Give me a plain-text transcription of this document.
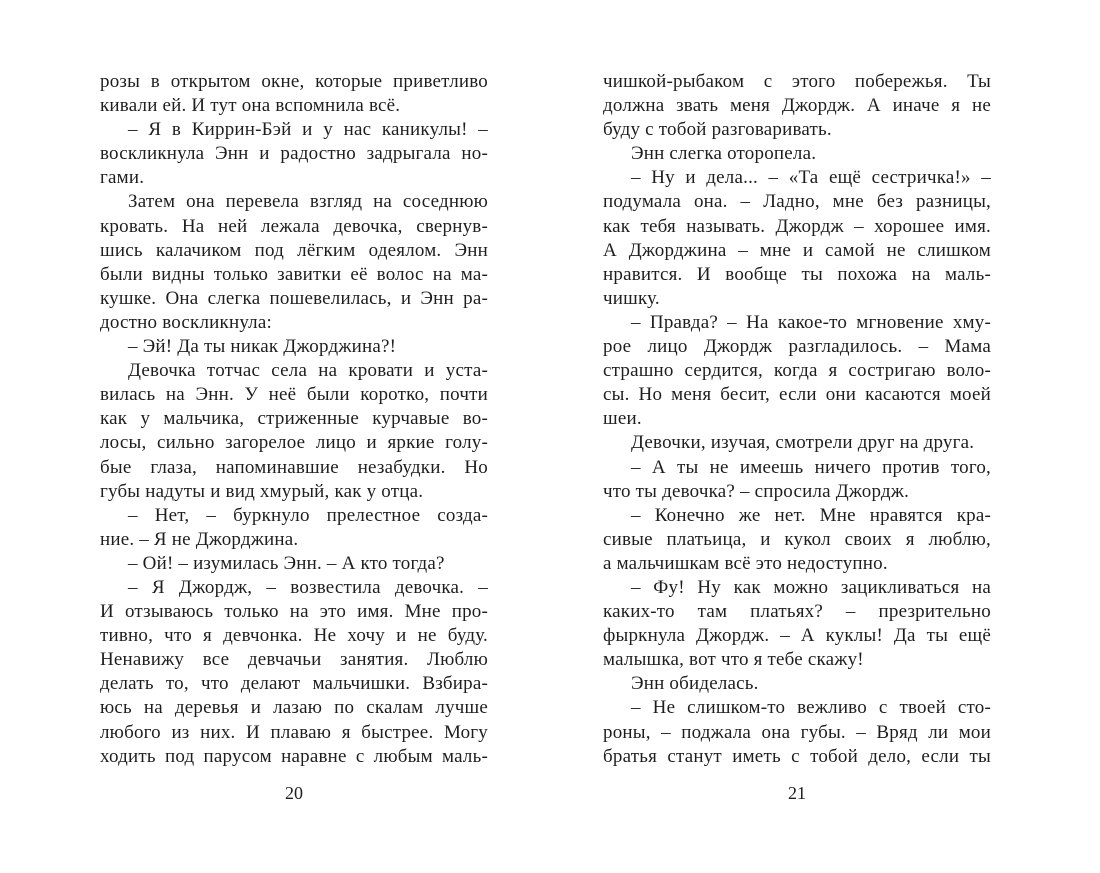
розы в открытом окне, которые приветливо
кивали ей. И тут она вспомнила всё.
– Я в Киррин-Бэй и у нас каникулы! –
воскликнула Энн и радостно задрыгала но-
гами.
Затем она перевела взгляд на соседнюю
кровать. На ней лежала девочка, свернув-
шись калачиком под лёгким одеялом. Энн
были видны только завитки её волос на ма-
кушке. Она слегка пошевелилась, и Энн ра-
достно воскликнула:
– Эй! Да ты никак Джорджина?!
Девочка тотчас села на кровати и уста-
вилась на Энн. У неё были коротко, почти
как у мальчика, стриженные курчавые во-
лосы, сильно загорелое лицо и яркие голу-
бые глаза, напоминавшие незабудки. Но
губы надуты и вид хмурый, как у отца.
– Нет, – буркнуло прелестное созда-
ние. – Я не Джорджина.
– Ой! – изумилась Энн. – А кто тогда?
– Я Джордж, – возвестила девочка. –
И отзываюсь только на это имя. Мне про-
тивно, что я девчонка. Не хочу и не буду.
Ненавижу все девчачьи занятия. Люблю
делать то, что делают мальчишки. Взбира-
юсь на деревья и лазаю по скалам лучше
любого из них. И плаваю я быстрее. Могу
ходить под парусом наравне с любым маль-
20
чишкой-рыбаком с этого побережья. Ты
должна звать меня Джордж. А иначе я не
буду с тобой разговаривать.
Энн слегка оторопела.
– Ну и дела... – «Та ещё сестричка!» –
подумала она. – Ладно, мне без разницы,
как тебя называть. Джордж – хорошее имя.
А Джорджина – мне и самой не слишком
нравится. И вообще ты похожа на маль-
чишку.
– Правда? – На какое-то мгновение хму-
рое лицо Джордж разгладилось. – Мама
страшно сердится, когда я состригаю воло-
сы. Но меня бесит, если они касаются моей
шеи.
Девочки, изучая, смотрели друг на друга.
– А ты не имеешь ничего против того,
что ты девочка? – спросила Джордж.
– Конечно же нет. Мне нравятся кра-
сивые платьица, и кукол своих я люблю,
а мальчишкам всё это недоступно.
– Фу! Ну как можно зацикливаться на
каких-то там платьях? – презрительно
фыркнула Джордж. – А куклы! Да ты ещё
малышка, вот что я тебе скажу!
Энн обиделась.
– Не слишком-то вежливо с твоей сто-
роны, – поджала она губы. – Вряд ли мои
братья станут иметь с тобой дело, если ты
21
